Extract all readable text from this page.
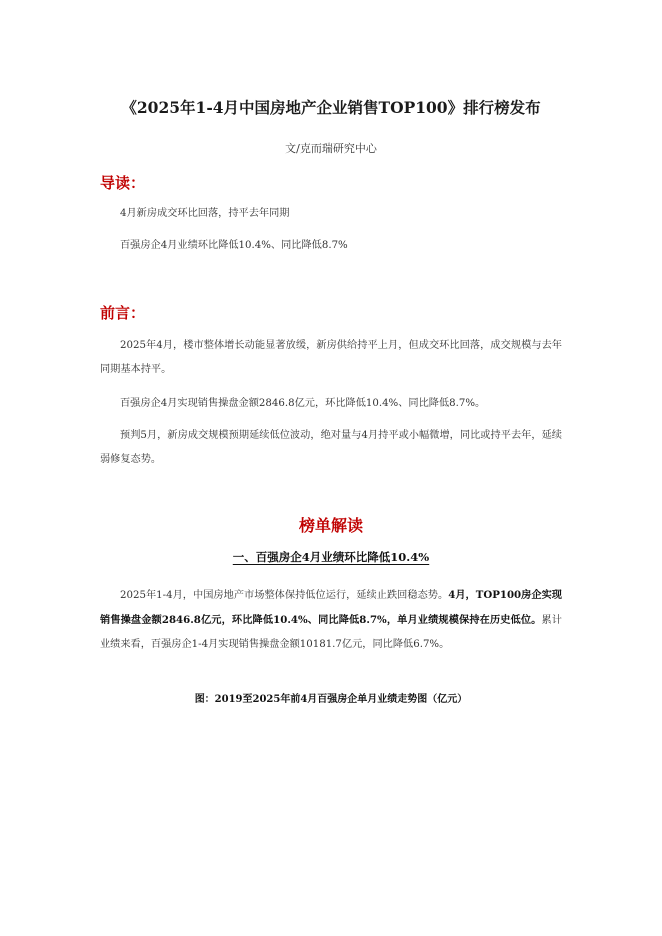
《2025年1-4月中国房地产企业销售TOP100》排行榜发布
文/克而瑞研究中心
导读：
4月新房成交环比回落，持平去年同期
百强房企4月业绩环比降低10.4%、同比降低8.7%
前言：
2025年4月，楼市整体增长动能显著放缓，新房供给持平上月，但成交环比回落，成交规模与去年同期基本持平。
百强房企4月实现销售操盘金额2846.8亿元，环比降低10.4%、同比降低8.7%。
预判5月，新房成交规模预期延续低位波动，绝对量与4月持平或小幅微增，同比或持平去年，延续弱修复态势。
榜单解读
一、百强房企4月业绩环比降低10.4%
2025年1-4月，中国房地产市场整体保持低位运行，延续止跌回稳态势。4月，TOP100房企实现销售操盘金额2846.8亿元，环比降低10.4%、同比降低8.7%，单月业绩规模保持在历史低位。累计业绩来看，百强房企1-4月实现销售操盘金额10181.7亿元，同比降低6.7%。
图：2019至2025年前4月百强房企单月业绩走势图（亿元）
